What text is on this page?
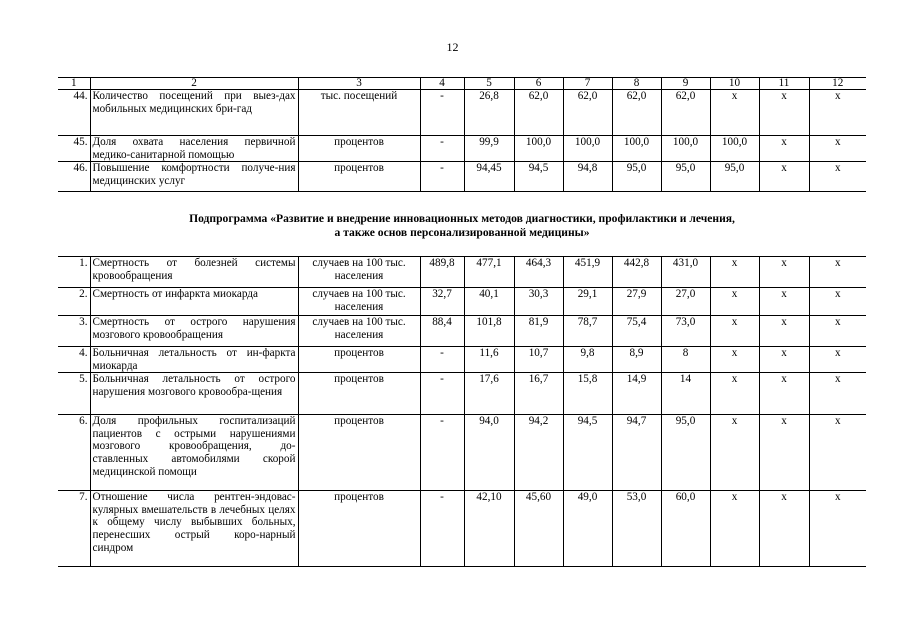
12
1	2	3	4	5	6	7	8	9	10	11	12
44.	Количество посещений при выез-дах мобильных медицинских бри-гад	тыс. посещений	-	26,8	62,0	62,0	62,0	62,0	х	х	х
45.	Доля охвата населения первичной медико-санитарной помощью	процентов	-	99,9	100,0	100,0	100,0	100,0	100,0	х	х
46.	Повышение комфортности получе-ния медицинских услуг	процентов	-	94,45	94,5	94,8	95,0	95,0	95,0	х	х
Подпрограмма «Развитие и внедрение инновационных методов диагностики, профилактики и лечения,
а также основ персонализированной медицины»
1.	Смертность от болезней системы кровообращения	случаев на 100 тыс. населения	489,8	477,1	464,3	451,9	442,8	431,0	х	х	х
2.	Смертность от инфаркта миокарда	случаев на 100 тыс. населения	32,7	40,1	30,3	29,1	27,9	27,0	х	х	х
3.	Смертность от острого нарушения мозгового кровообращения	случаев на 100 тыс. населения	88,4	101,8	81,9	78,7	75,4	73,0	х	х	х
4.	Больничная летальность от ин-фаркта миокарда	процентов	-	11,6	10,7	9,8	8,9	8	х	х	х
5.	Больничная летальность от острого нарушения мозгового кровообра-щения	процентов	-	17,6	16,7	15,8	14,9	14	х	х	х
6.	Доля профильных госпитализаций пациентов с острыми нарушениями мозгового кровообращения, до-ставленных автомобилями скорой медицинской помощи	процентов	-	94,0	94,2	94,5	94,7	95,0	х	х	х
7.	Отношение числа рентген-эндовас-кулярных вмешательств в лечебных целях к общему числу выбывших больных, перенесших острый коро-нарный синдром	процентов	-	42,10	45,60	49,0	53,0	60,0	х	х	х
